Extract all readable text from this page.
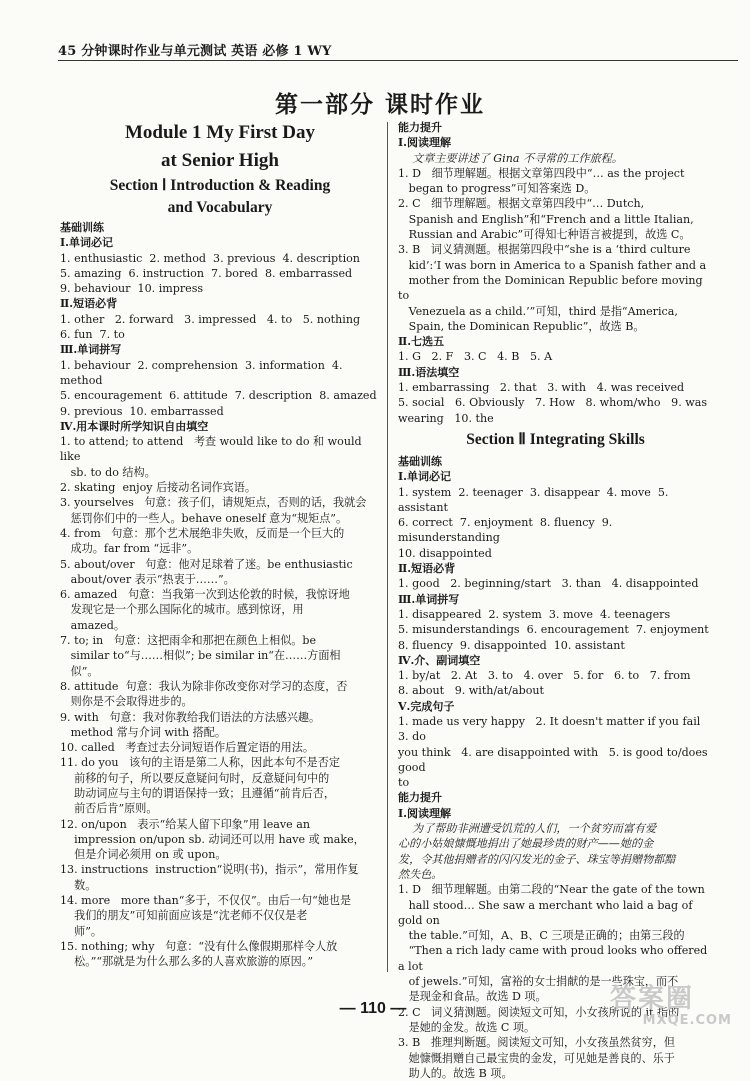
45 分钟课时作业与单元测试 英语 必修 1 WY
第一部分 课时作业
Module 1 My First Day
at Senior High
Section Ⅰ Introduction & Reading
and Vocabulary
基础训练
Ⅰ.单词必记
1. enthusiastic  2. method  3. previous  4. description
5. amazing  6. instruction  7. bored  8. embarrassed
9. behaviour  10. impress
Ⅱ.短语必背
1. other   2. forward   3. impressed   4. to   5. nothing
6. fun  7. to
Ⅲ.单词拼写
1. behaviour  2. comprehension  3. information  4. method
5. encouragement  6. attitude  7. description  8. amazed
9. previous  10. embarrassed
Ⅳ.用本课时所学知识自由填空
1. to attend; to attend   考查 would like to do 和 would like
sb. to do 结构。
2. skating  enjoy 后接动名词作宾语。
3. yourselves   句意：孩子们，请规矩点，否则的话，我就会
惩罚你们中的一些人。behave oneself 意为“规矩点”。
4. from   句意：那个艺术展绝非失败，反而是一个巨大的
成功。far from “远非”。
5. about/over   句意：他对足球着了迷。be enthusiastic
about/over 表示“热衷于……”。
6. amazed   句意：当我第一次到达伦敦的时候，我惊讶地
发现它是一个那么国际化的城市。感到惊讶，用
amazed。
7. to; in   句意：这把雨伞和那把在颜色上相似。be
similar to“与……相似”; be similar in“在……方面相
似”。
8. attitude  句意：我认为除非你改变你对学习的态度，否
则你是不会取得进步的。
9. with   句意：我对你教给我们语法的方法感兴趣。
method 常与介词 with 搭配。
10. called   考查过去分词短语作后置定语的用法。
11. do you   该句的主语是第二人称，因此本句不是否定
前移的句子，所以要反意疑问句时，反意疑问句中的
助动词应与主句的谓语保持一致；且遵循“前肯后否，
前否后肯”原则。
12. on/upon   表示“给某人留下印象”用 leave an
impression on/upon sb. 动词还可以用 have 或 make，
但是介词必须用 on 或 upon。
13. instructions  instruction“说明(书)，指示”，常用作复
数。
14. more   more than“多于，不仅仅”。由后一句“她也是
我们的朋友”可知前面应该是“沈老师不仅仅是老
师”。
15. nothing; why   句意：“没有什么像假期那样令人放
松。”“那就是为什么那么多的人喜欢旅游的原因。”
能力提升
Ⅰ.阅读理解
文章主要讲述了 Gina 不寻常的工作旅程。
1. D   细节理解题。根据文章第四段中“… as the project
began to progress”可知答案选 D。
2. C   细节理解题。根据文章第四段中“… Dutch,
Spanish and English”和“French and a little Italian,
Russian and Arabic”可得知七种语言被提到，故选 C。
3. B   词义猜测题。根据第四段中“she is a ‘third culture
kid’:‘I was born in America to a Spanish father and a
mother from the Dominican Republic before moving to
Venezuela as a child.’”可知，third 是指“America,
Spain, the Dominican Republic”，故选 B。
Ⅱ.七选五
1. G   2. F   3. C   4. B   5. A
Ⅲ.语法填空
1. embarrassing   2. that   3. with   4. was received
5. social   6. Obviously   7. How   8. whom/who   9. was
wearing   10. the
Section Ⅱ Integrating Skills
基础训练
Ⅰ.单词必记
1. system  2. teenager  3. disappear  4. move  5. assistant
6. correct  7. enjoyment  8. fluency  9. misunderstanding
10. disappointed
Ⅱ.短语必背
1. good   2. beginning/start   3. than   4. disappointed
Ⅲ.单词拼写
1. disappeared  2. system  3. move  4. teenagers
5. misunderstandings  6. encouragement  7. enjoyment
8. fluency  9. disappointed  10. assistant
Ⅳ.介、副词填空
1. by/at   2. At   3. to   4. over   5. for   6. to   7. from
8. about   9. with/at/about
Ⅴ.完成句子
1. made us very happy   2. It doesn't matter if you fail   3. do
you think   4. are disappointed with   5. is good to/does good
to
能力提升
Ⅰ.阅读理解
为了帮助非洲遭受饥荒的人们，一个贫穷而富有爱
心的小姑娘慷慨地捐出了她最珍贵的财产——她的金
发，令其他捐赠者的闪闪发光的金子、珠宝等捐赠物都黯
然失色。
1. D   细节理解题。由第二段的“Near the gate of the town
hall stood… She saw a merchant who laid a bag of gold on
the table.”可知，A、B、C 三项是正确的；由第三段的
“Then a rich lady came with proud looks who offered a lot
of jewels.”可知，富裕的女士捐献的是一些珠宝，而不
是现金和食品。故选 D 项。
2. C   词义猜测题。阅读短文可知，小女孩所说的 it 指的
是她的金发。故选 C 项。
3. B   推理判断题。阅读短文可知，小女孩虽然贫穷，但
她慷慨捐赠自己最宝贵的金发，可见她是善良的、乐于
助人的。故选 B 项。
— 110 —	答案圈
MXQE.COM
